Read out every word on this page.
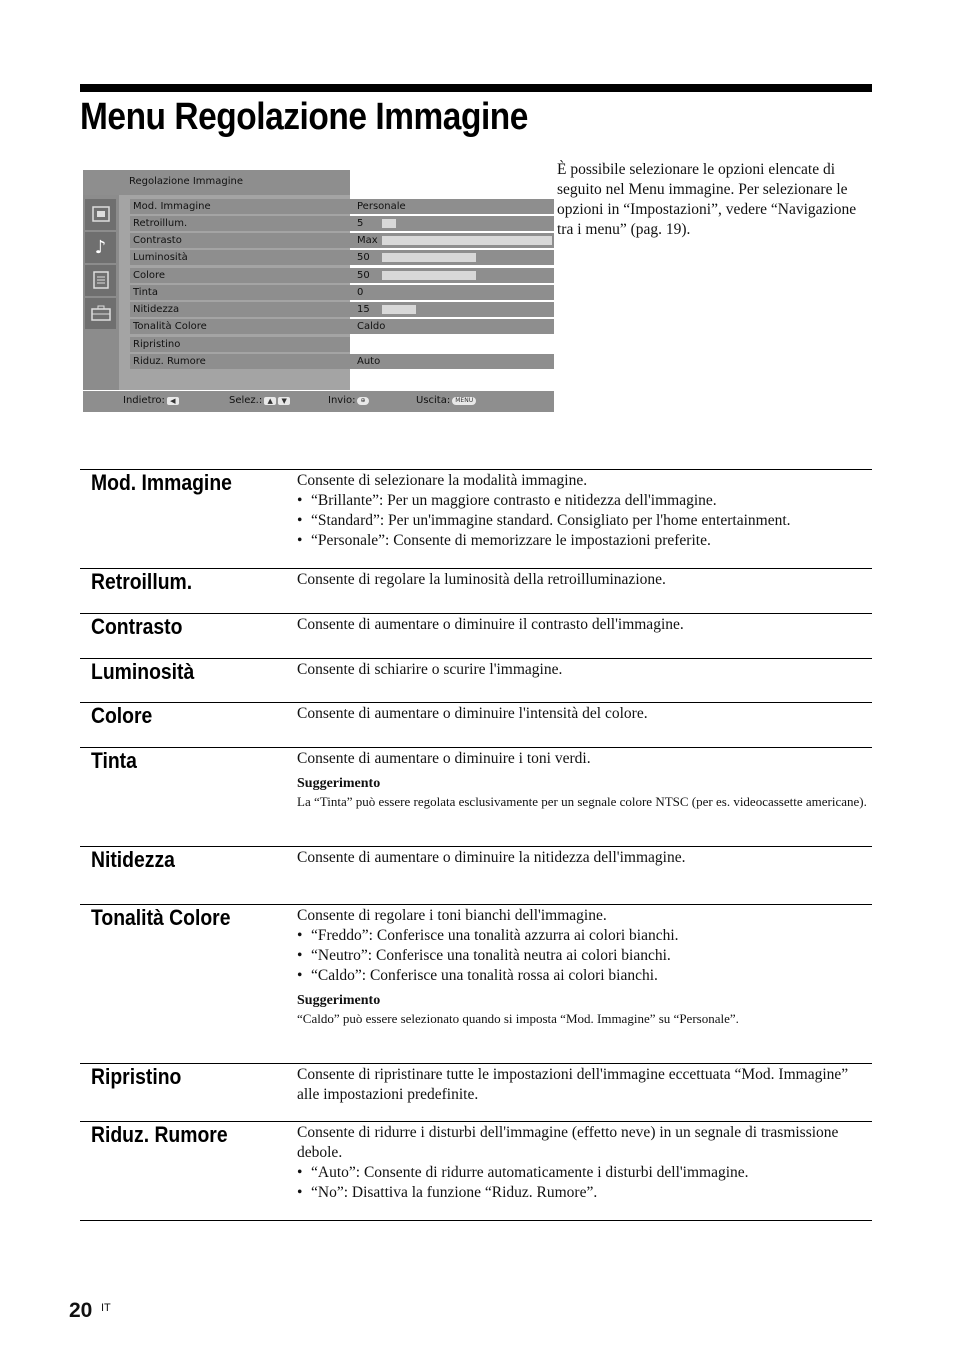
Menu Regolazione Immagine
È possibile selezionare le opzioni elencate di seguito nel Menu immagine. Per selezionare le opzioni in “Impostazioni”, vedere “Navigazione tra i menu” (pag. 19).
Regolazione Immagine
♪
Indietro: ◀	Selez.: ▲	▼	Invio: ⊕	Uscita: MENU
Mod. Immagine	Personale
Retroillum.	5
Contrasto	Max
Luminosità	50
Colore	50
Tinta	0
Nitidezza	15
Tonalità Colore	Caldo
Ripristino
Riduz. Rumore	Auto
Mod. Immagine	Consente di selezionare la modalità immagine.
• “Brillante”: Per un maggiore contrasto e nitidezza dell'immagine.
• “Standard”: Per un'immagine standard. Consigliato per l'home entertainment.
• “Personale”: Consente di memorizzare le impostazioni preferite.
Retroillum.	Consente di regolare la luminosità della retroilluminazione.
Contrasto	Consente di aumentare o diminuire il contrasto dell'immagine.
Luminosità	Consente di schiarire o scurire l'immagine.
Colore	Consente di aumentare o diminuire l'intensità del colore.
Tinta	Consente di aumentare o diminuire i toni verdi.
Suggerimento
La “Tinta” può essere regolata esclusivamente per un segnale colore NTSC (per es. videocassette americane).
Nitidezza	Consente di aumentare o diminuire la nitidezza dell'immagine.
Tonalità Colore	Consente di regolare i toni bianchi dell'immagine.
• “Freddo”: Conferisce una tonalità azzurra ai colori bianchi.
• “Neutro”: Conferisce una tonalità neutra ai colori bianchi.
• “Caldo”: Conferisce una tonalità rossa ai colori bianchi.
Suggerimento
“Caldo” può essere selezionato quando si imposta “Mod. Immagine” su “Personale”.
Ripristino	Consente di ripristinare tutte le impostazioni dell'immagine eccettuata “Mod. Immagine” alle impostazioni predefinite.
Riduz. Rumore	Consente di ridurre i disturbi dell'immagine (effetto neve) in un segnale di trasmissione debole.
• “Auto”: Consente di ridurre automaticamente i disturbi dell'immagine.
• “No”: Disattiva la funzione “Riduz. Rumore”.
20 IT
